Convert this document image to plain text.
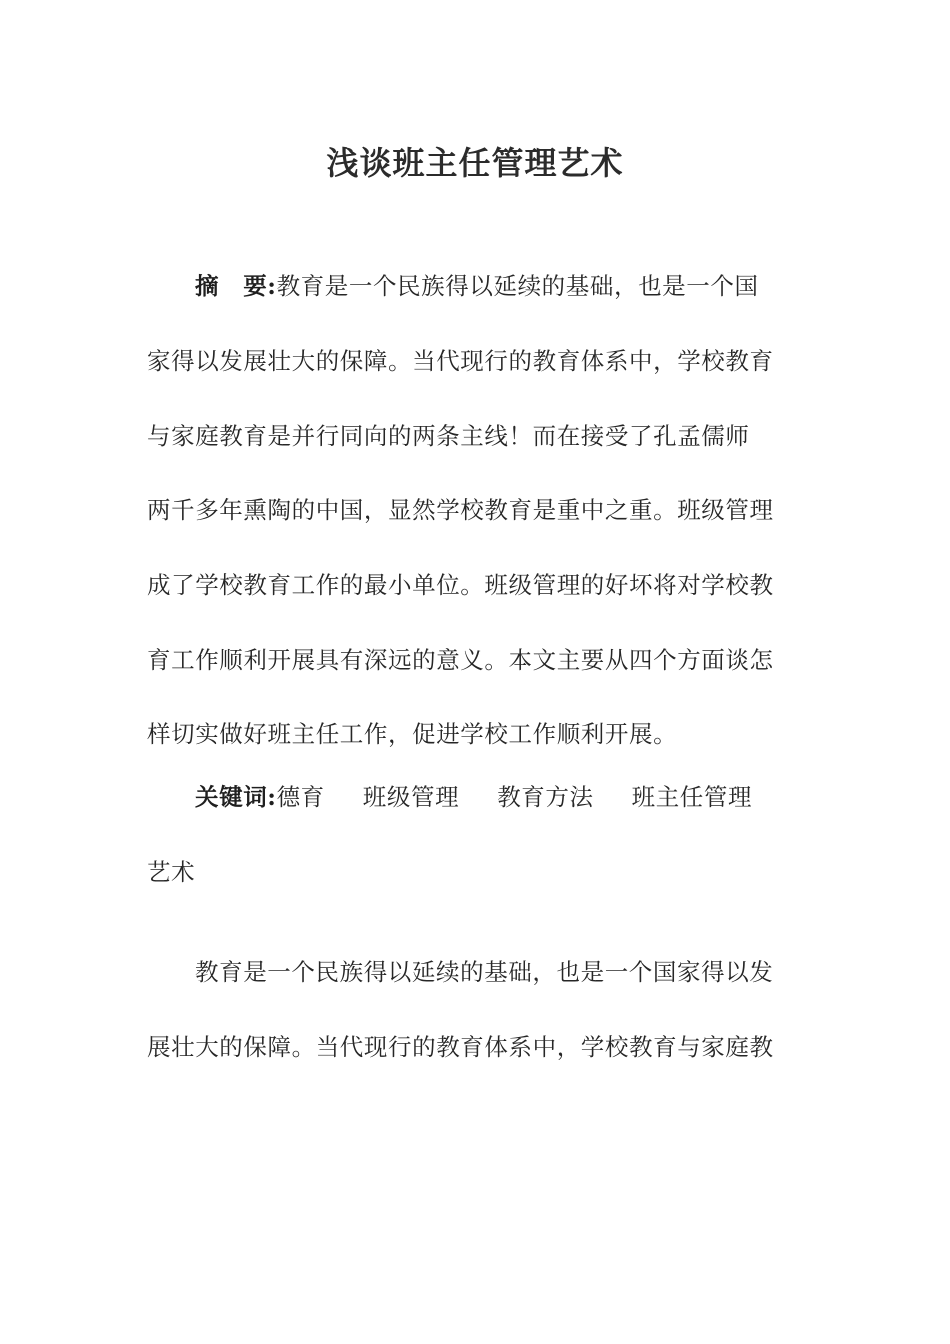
浅谈班主任管理艺术
摘　要:教育是一个民族得以延续的基础，也是一个国
家得以发展壮大的保障。当代现行的教育体系中，学校教育
与家庭教育是并行同向的两条主线！而在接受了孔孟儒师
两千多年熏陶的中国，显然学校教育是重中之重。班级管理
成了学校教育工作的最小单位。班级管理的好坏将对学校教
育工作顺利开展具有深远的意义。本文主要从四个方面谈怎
样切实做好班主任工作，促进学校工作顺利开展。
关键词:德育 班级管理 教育方法 班主任管理
艺术
教育是一个民族得以延续的基础，也是一个国家得以发
展壮大的保障。当代现行的教育体系中，学校教育与家庭教
